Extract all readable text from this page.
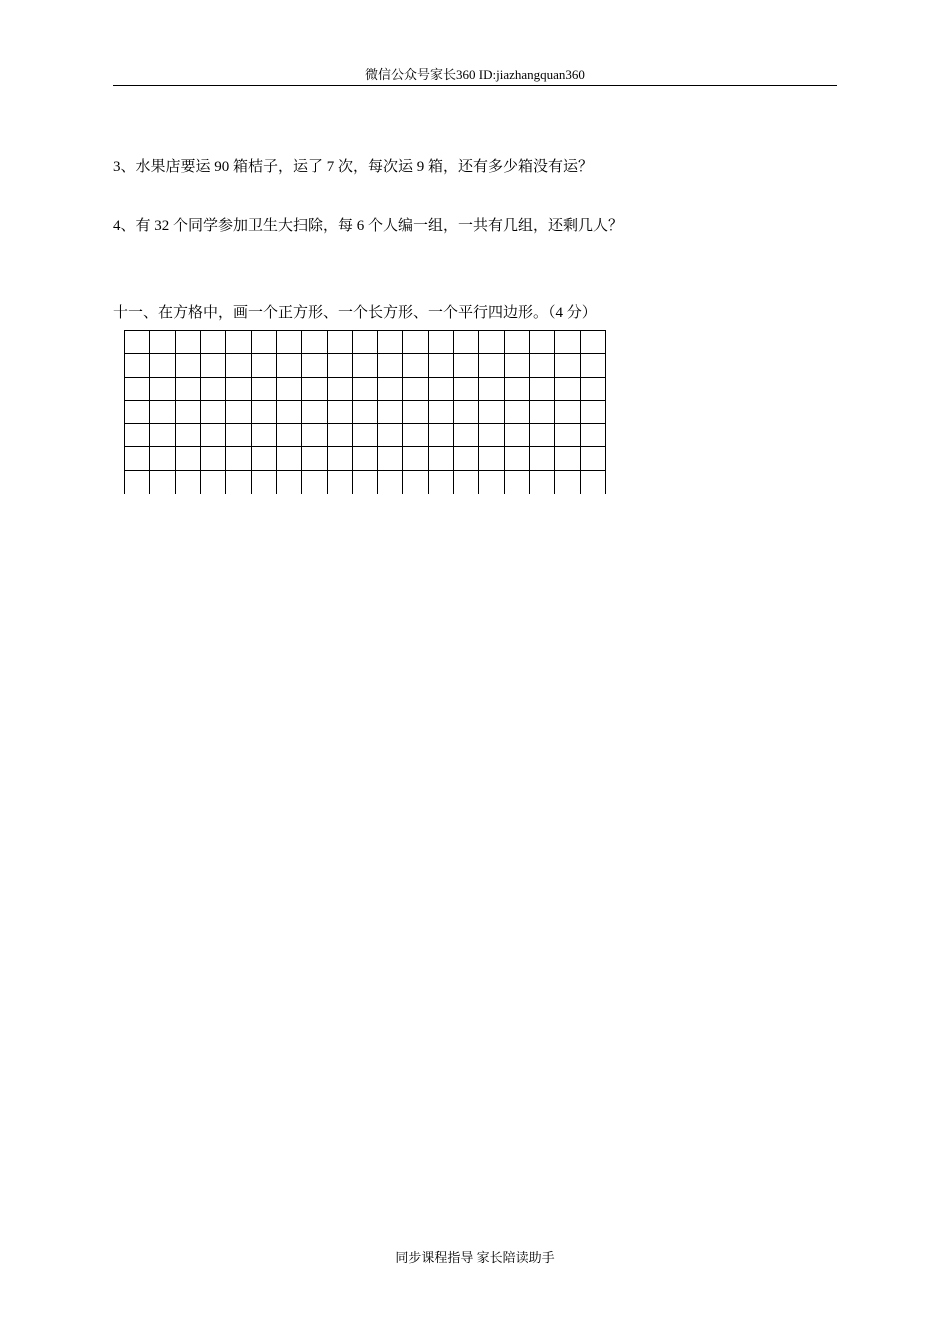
微信公众号家长360 ID:jiazhangquan360
3、水果店要运 90 箱桔子，运了 7 次，每次运 9 箱，还有多少箱没有运？
4、有 32 个同学参加卫生大扫除，每 6 个人编一组，一共有几组，还剩几人？
十一、在方格中，画一个正方形、一个长方形、一个平行四边形。（4 分）
同步课程指导 家长陪读助手
